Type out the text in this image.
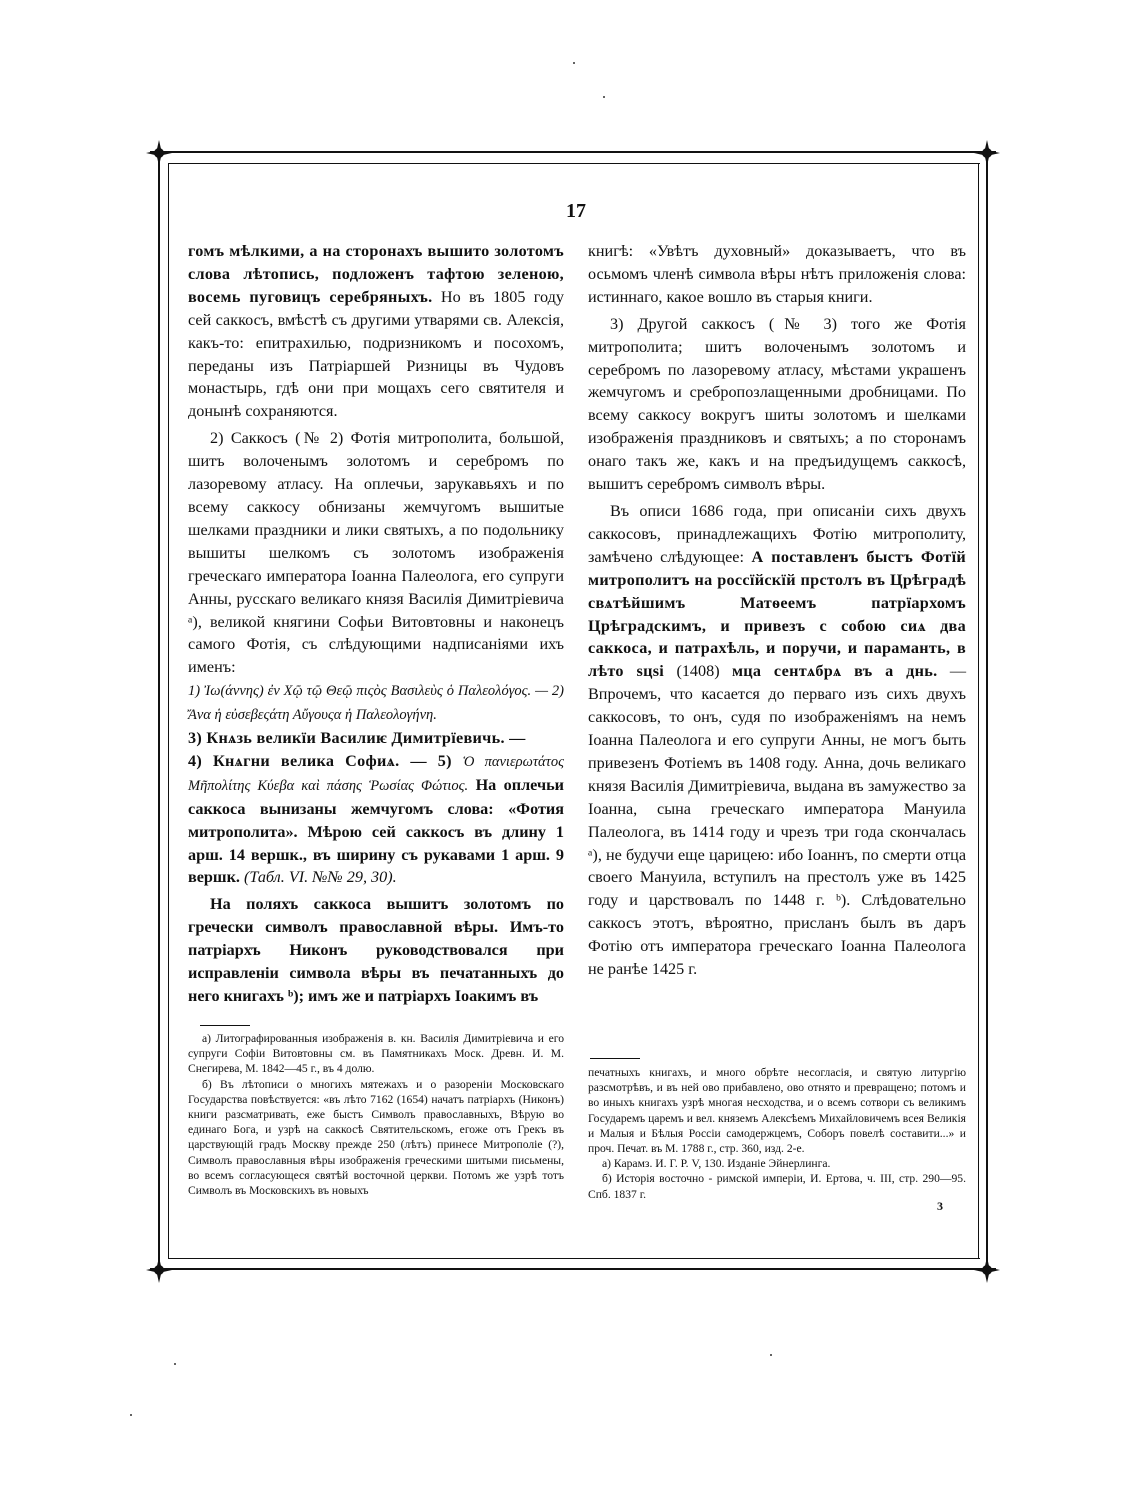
17

гомъ мѣлкими, а на сторонахъ вышито золотомъ слова лѣтопись, подложенъ тафтою зеленою, восемь пуговицъ серебряныхъ. Но въ 1805 году сей саккосъ, вмѣстѣ съ другими утварями св. Алексія, какъ-то: епитрахилью, подризникомъ и посохомъ, переданы изъ Патріаршей Ризницы въ Чудовъ монастырь, гдѣ они при мощахъ сего святителя и донынѣ сохраняются.

2) Саккосъ (№ 2) Фотія митрополита, большой, шитъ волоченымъ золотомъ и серебромъ по лазоревому атласу. На оплечьи, зарукавьяхъ и по всему саккосу обнизаны жемчугомъ вышитые шелками праздники и лики святыхъ, а по подольнику вышиты шелкомъ съ золотомъ изображенія греческаго императора Іоанна Палеолога, его супруги Анны, русскаго великаго князя Василія Димитріевича ᵃ), великой княгини Софьи Витовтовны и наконецъ самого Фотія, съ слѣдующими надписаніями ихъ именъ:
1) Ἰω(άννης) ἐν Χῷ τῷ Θεῷ πιςὸς Βασιλεὺς ὁ Παλεολόγος. — 2) Ἄνα ἡ εὐσεβεςάτη Αὔγουςα ἡ Παλεολογήνη.
3) Кнѧзь великїи Василиѥ Димитрїевичь. —
4) Кнѧгни велика Софиѧ. — 5) Ὁ πανιερωτάτος Μῆπολίτης Κύεβα καὶ πάσης Ῥωσίας Φώτιος. На оплечьи саккоса вынизаны жемчугомъ слова: «Фотия митрополита». Мѣрою сей саккосъ въ длину 1 арш. 14 вершк., въ ширину съ рукавами 1 арш. 9 вершк. (Табл. VI. №№ 29, 30).

На поляхъ саккоса вышитъ золотомъ по гречески символъ православной вѣры. Имъ-то патріархъ Никонъ руководствовался при исправленіи символа вѣры въ печатанныхъ до него книгахъ ᵇ); имъ же и патріархъ Іоакимъ въ

а) Литографированныя изображенія в. кн. Василія Димитріевича и его супруги Софіи Витовтовны см. въ Памятникахъ Моск. Древн. И. М. Снегирева, М. 1842—45 г., въ 4 долю.

б) Въ лѣтописи о многихъ мятежахъ и о разореніи Московскаго Государства повѣствуется: «въ лѣто 7162 (1654) начатъ патріархъ (Никонъ) книги разсматривать, еже быстъ Символъ православныхъ, Вѣрую во единаго Бога, и узрѣ на саккосѣ Святительскомъ, егоже отъ Грекъ въ царствующій градъ Москву прежде 250 (лѣтъ) принесе Митрополіе (?), Символъ православныя вѣры изображенія греческими шитыми письмены, во всемъ согласующеся святѣй восточной церкви. Потомъ же узрѣ тотъ Символъ въ Московскихъ въ новыхъ

книгѣ: «Увѣтъ духовный» доказываетъ, что въ осьмомъ членѣ символа вѣры нѣтъ приложенія слова: истиннаго, какое вошло въ старыя книги.

3) Другой саккосъ (№ 3) того же Фотія митрополита; шитъ волоченымъ золотомъ и серебромъ по лазоревому атласу, мѣстами украшенъ жемчугомъ и сребропозлащенными дробницами. По всему саккосу вокругъ шиты золотомъ и шелками изображенія праздниковъ и святыхъ; а по сторонамъ онаго такъ же, какъ и на предъидущемъ саккосѣ, вышитъ серебромъ символъ вѣры.

Въ описи 1686 года, при описаніи сихъ двухъ саккосовъ, принадлежащихъ Фотію митрополиту, замѣчено слѣдующее: А поставленъ быстъ Фотїй митрополитъ на россїйскїй прстолъ въ Црѣградѣ свѧтѣйшимъ Матѳеемъ патрїархомъ Црѣградскимъ, и привезъ с собою сиѧ два саккоса, и патрахѣль, и поручи, и параманть, в лѣто ѕцѕі (1408) мца сентѧбрѧ въ а днь. — Впрочемъ, что касается до перваго изъ сихъ двухъ саккосовъ, то онъ, судя по изображеніямъ на немъ Іоанна Палеолога и его супруги Анны, не могъ быть привезенъ Фотіемъ въ 1408 году. Анна, дочь великаго князя Василія Димитріевича, выдана въ замужество за Іоанна, сына греческаго императора Мануила Палеолога, въ 1414 году и чрезъ три года скончалась ᵃ), не будучи еще царицею: ибо Іоаннъ, по смерти отца своего Мануила, вступилъ на престолъ уже въ 1425 году и царствовалъ по 1448 г. ᵇ). Слѣдовательно саккосъ этотъ, вѣроятно, присланъ былъ въ даръ Фотію отъ императора греческаго Іоанна Палеолога не ранѣе 1425 г.

печатныхъ книгахъ, и много обрѣте несогласія, и святую литургію разсмотрѣвъ, и въ ней ово прибавлено, ово отнято и превращено; потомъ и во иныхъ книгахъ узрѣ многая несходства, и о всемъ сотвори съ великимъ Государемъ царемъ и вел. княземъ Алексѣемъ Михайловичемъ всея Великія и Малыя и Бѣлыя Россіи самодержцемъ, Соборъ повелѣ составити...» и проч. Печат. въ М. 1788 г., стр. 360, изд. 2-е.

а) Карамз. И. Г. Р. V, 130. Изданіе Эйнерлинга.

б) Исторія восточно - римской имперіи, И. Ертова, ч. III, стр. 290—95. Спб. 1837 г.

3
